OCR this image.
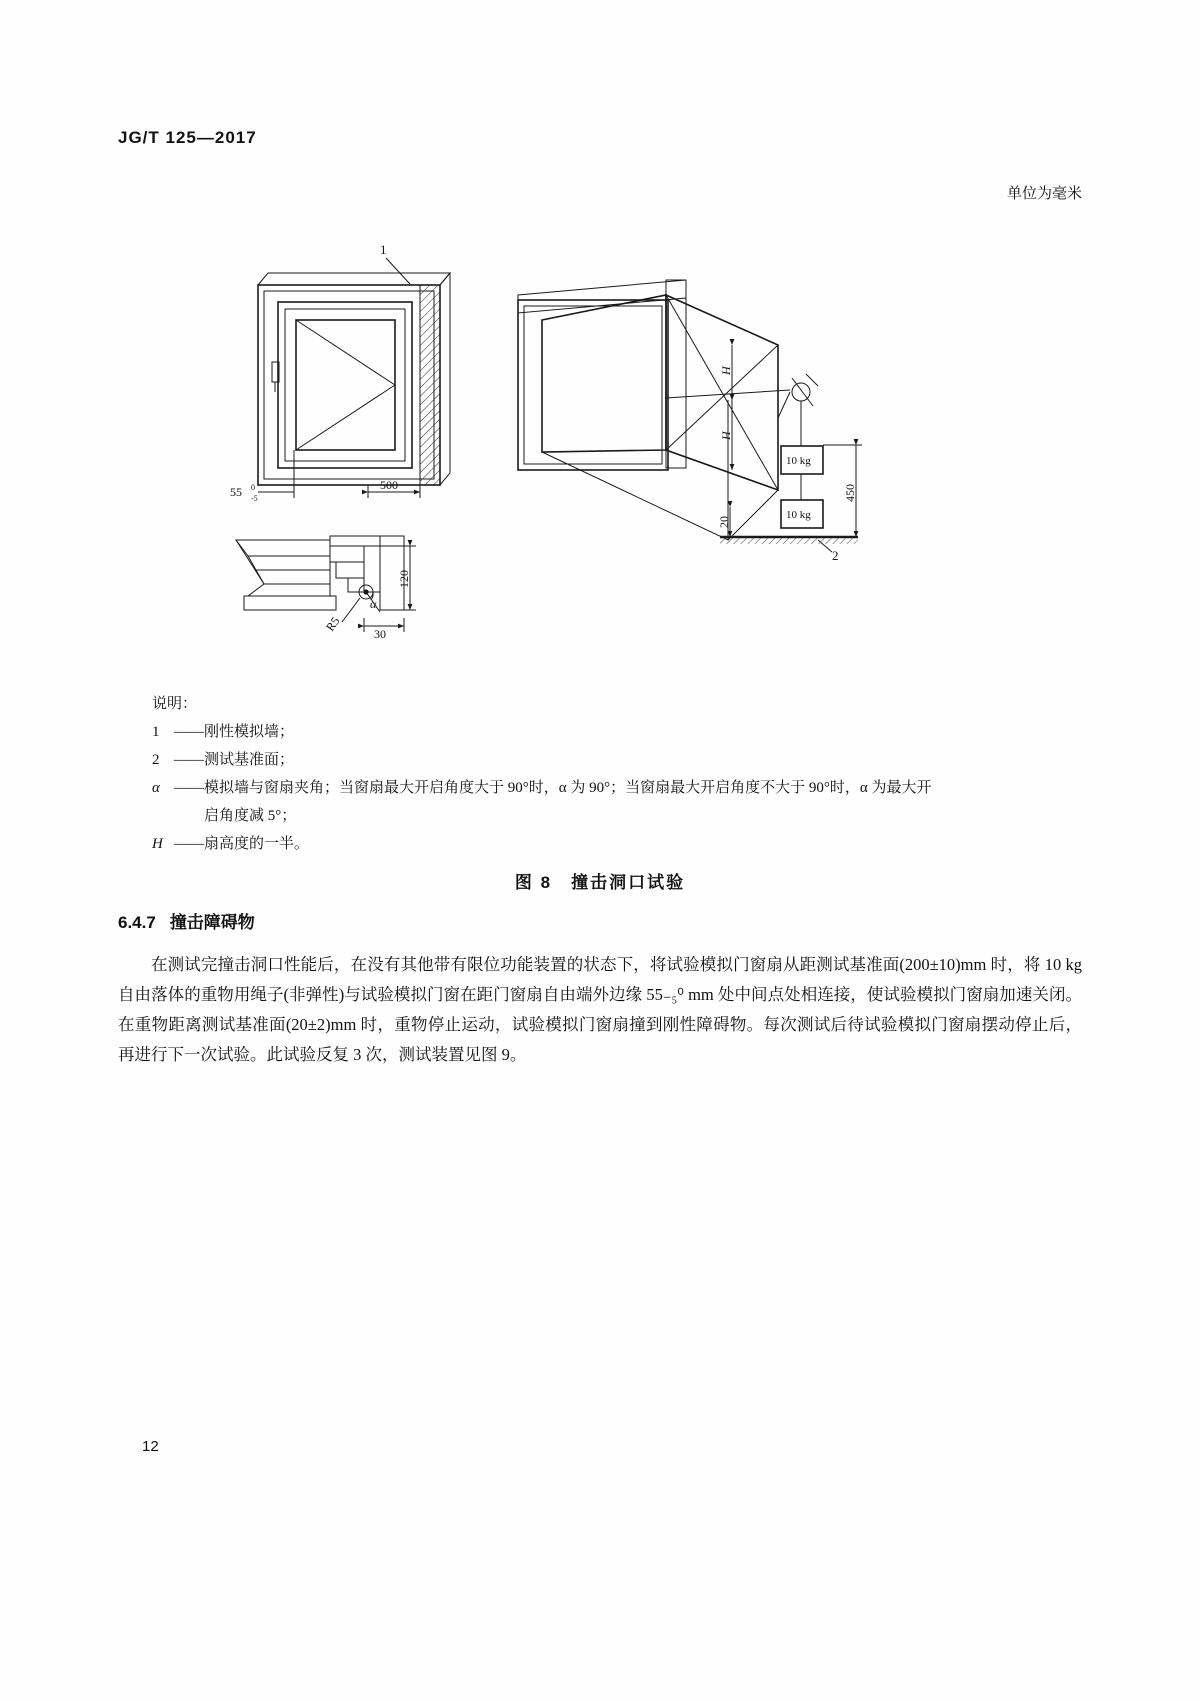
JG/T 125—2017
单位为毫米
1
500
55 0
-5
α
R5
120
30
H
H
10 kg
10 kg
20
450
2
说明：
1 ——刚性模拟墙；
2 ——测试基准面；
α ——模拟墙与窗扇夹角；当窗扇最大开启角度大于 90°时，α 为 90°；当窗扇最大开启角度不大于 90°时，α 为最大开
启角度减 5°；
H ——扇高度的一半。
图 8　撞击洞口试验
6.4.7 撞击障碍物
在测试完撞击洞口性能后，在没有其他带有限位功能装置的状态下，将试验模拟门窗扇从距测试基准面(200±10)mm 时，将 10 kg 自由落体的重物用绳子(非弹性)与试验模拟门窗在距门窗扇自由端外边缘 55₋₅⁰ mm 处中间点处相连接，使试验模拟门窗扇加速关闭。在重物距离测试基准面(20±2)mm 时，重物停止运动，试验模拟门窗扇撞到刚性障碍物。每次测试后待试验模拟门窗扇摆动停止后，再进行下一次试验。此试验反复 3 次，测试装置见图 9。
12
